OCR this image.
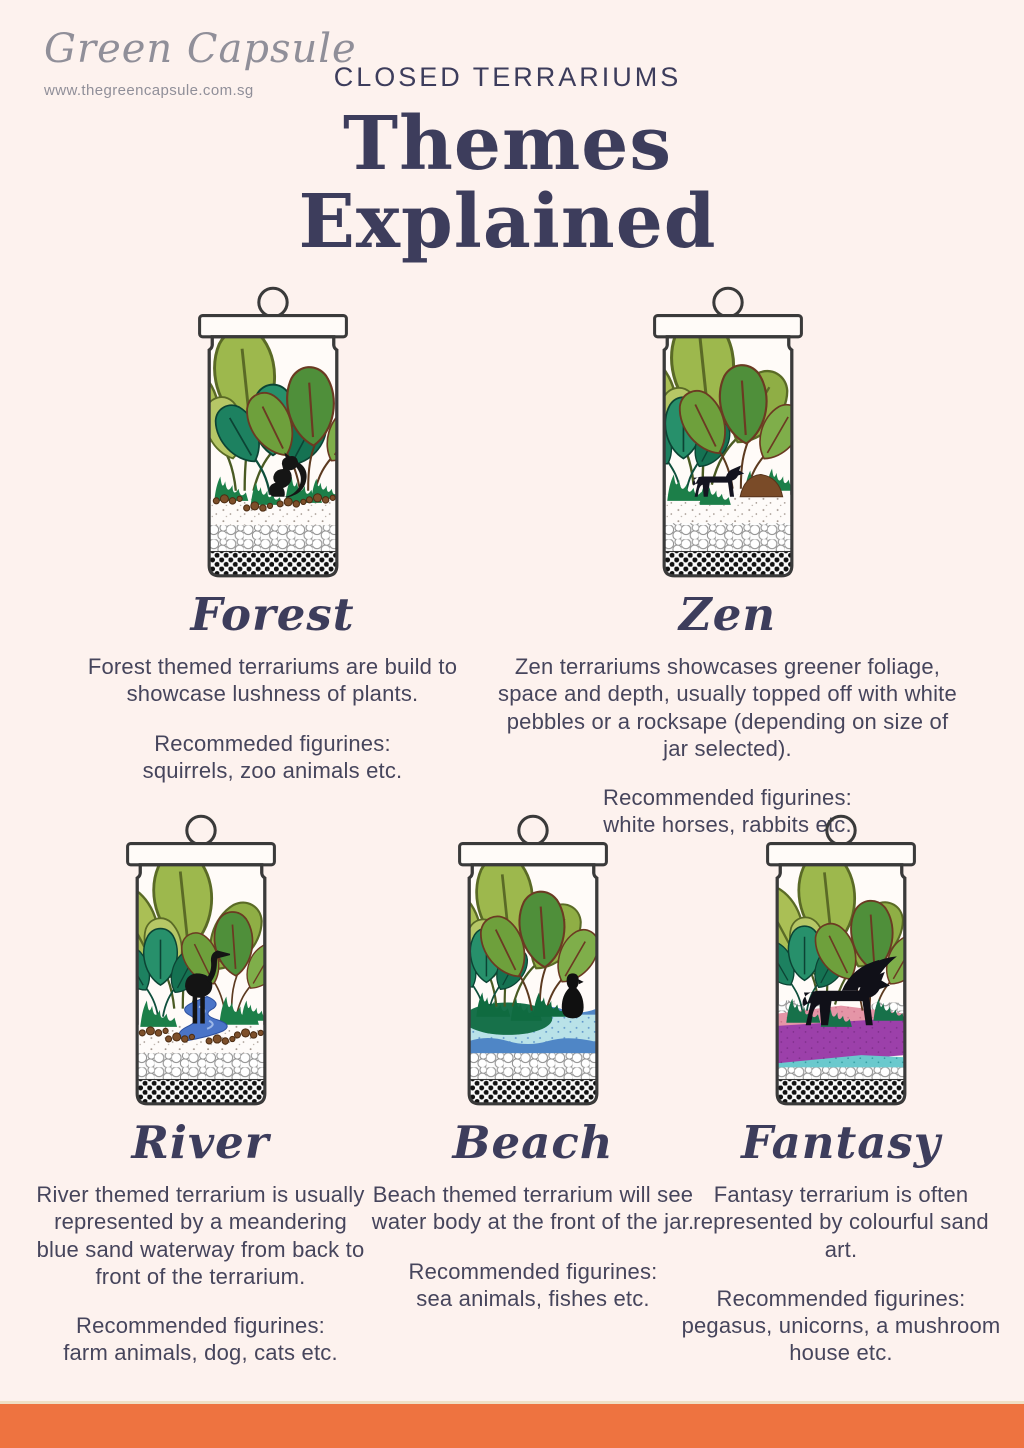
Green Capsule
www.thegreencapsule.com.sg	CLOSED TERRARIUMS
Themes
Explained
Forest

Forest themed terrariums are build to showcase lushness of plants.

Recommeded figurines:
squirrels, zoo animals etc.

Zen

Zen terrariums showcases greener foliage, space and depth, usually topped off with white pebbles or a rocksape (depending on size of jar selected).

Recommended figurines:
white horses, rabbits etc.

River

River themed terrarium is usually represented by a meandering blue sand waterway from back to front of the terrarium.

Recommended figurines:
farm animals, dog, cats etc.

Beach

Beach themed terrarium will see water body at the front of the jar.

Recommended figurines:
sea animals, fishes etc.

Fantasy

Fantasy terrarium is often represented by colourful sand art.

Recommended figurines:
pegasus, unicorns, a mushroom house etc.
